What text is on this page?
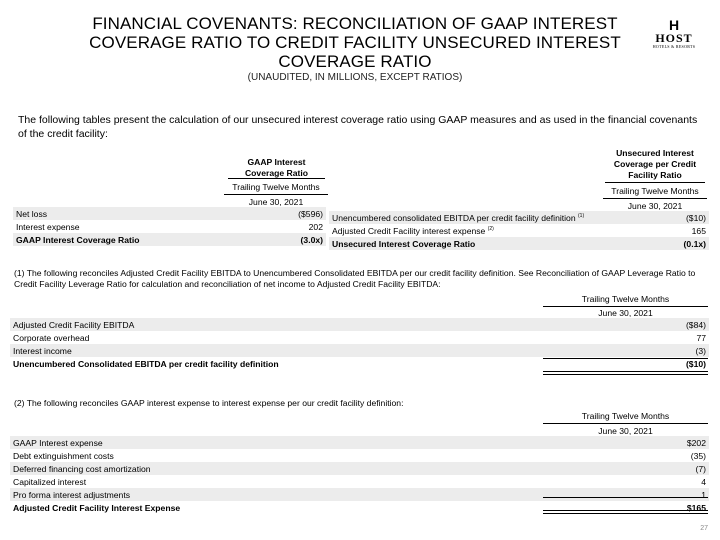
FINANCIAL COVENANTS: RECONCILIATION OF GAAP INTEREST COVERAGE RATIO TO CREDIT FACILITY UNSECURED INTEREST COVERAGE RATIO
(UNAUDITED, IN MILLIONS, EXCEPT RATIOS)
H
HOST
HOTELS & RESORTS
The following tables present the calculation of our unsecured interest coverage ratio using GAAP measures and as used in the financial covenants of the credit facility:
GAAP Interest Coverage Ratio
Trailing Twelve Months
June 30, 2021
Net loss	($596)
Interest expense	202
GAAP Interest Coverage Ratio	(3.0x)
Unsecured Interest Coverage per Credit Facility Ratio
Trailing Twelve Months
June 30, 2021
Unencumbered consolidated EBITDA per credit facility definition $^{(1)}$	($10)
Adjusted Credit Facility interest expense $^{(2)}$	165
Unsecured Interest Coverage Ratio	(0.1x)
(1) The following reconciles Adjusted Credit Facility EBITDA to Unencumbered Consolidated EBITDA per our credit facility definition. See Reconciliation of GAAP Leverage Ratio to Credit Facility Leverage Ratio for calculation and reconciliation of net income to Adjusted Credit Facility EBITDA:
Trailing Twelve Months
June 30, 2021
Adjusted Credit Facility EBITDA	($84)
Corporate overhead	77
Interest income	(3)
Unencumbered Consolidated EBITDA per credit facility definition	($10)
(2) The following reconciles GAAP interest expense to interest expense per our credit facility definition:
Trailing Twelve Months
June 30, 2021
GAAP Interest expense	$202
Debt extinguishment costs	(35)
Deferred financing cost amortization	(7)
Capitalized interest	4
Pro forma interest adjustments	1
Adjusted Credit Facility Interest Expense	$165
27
